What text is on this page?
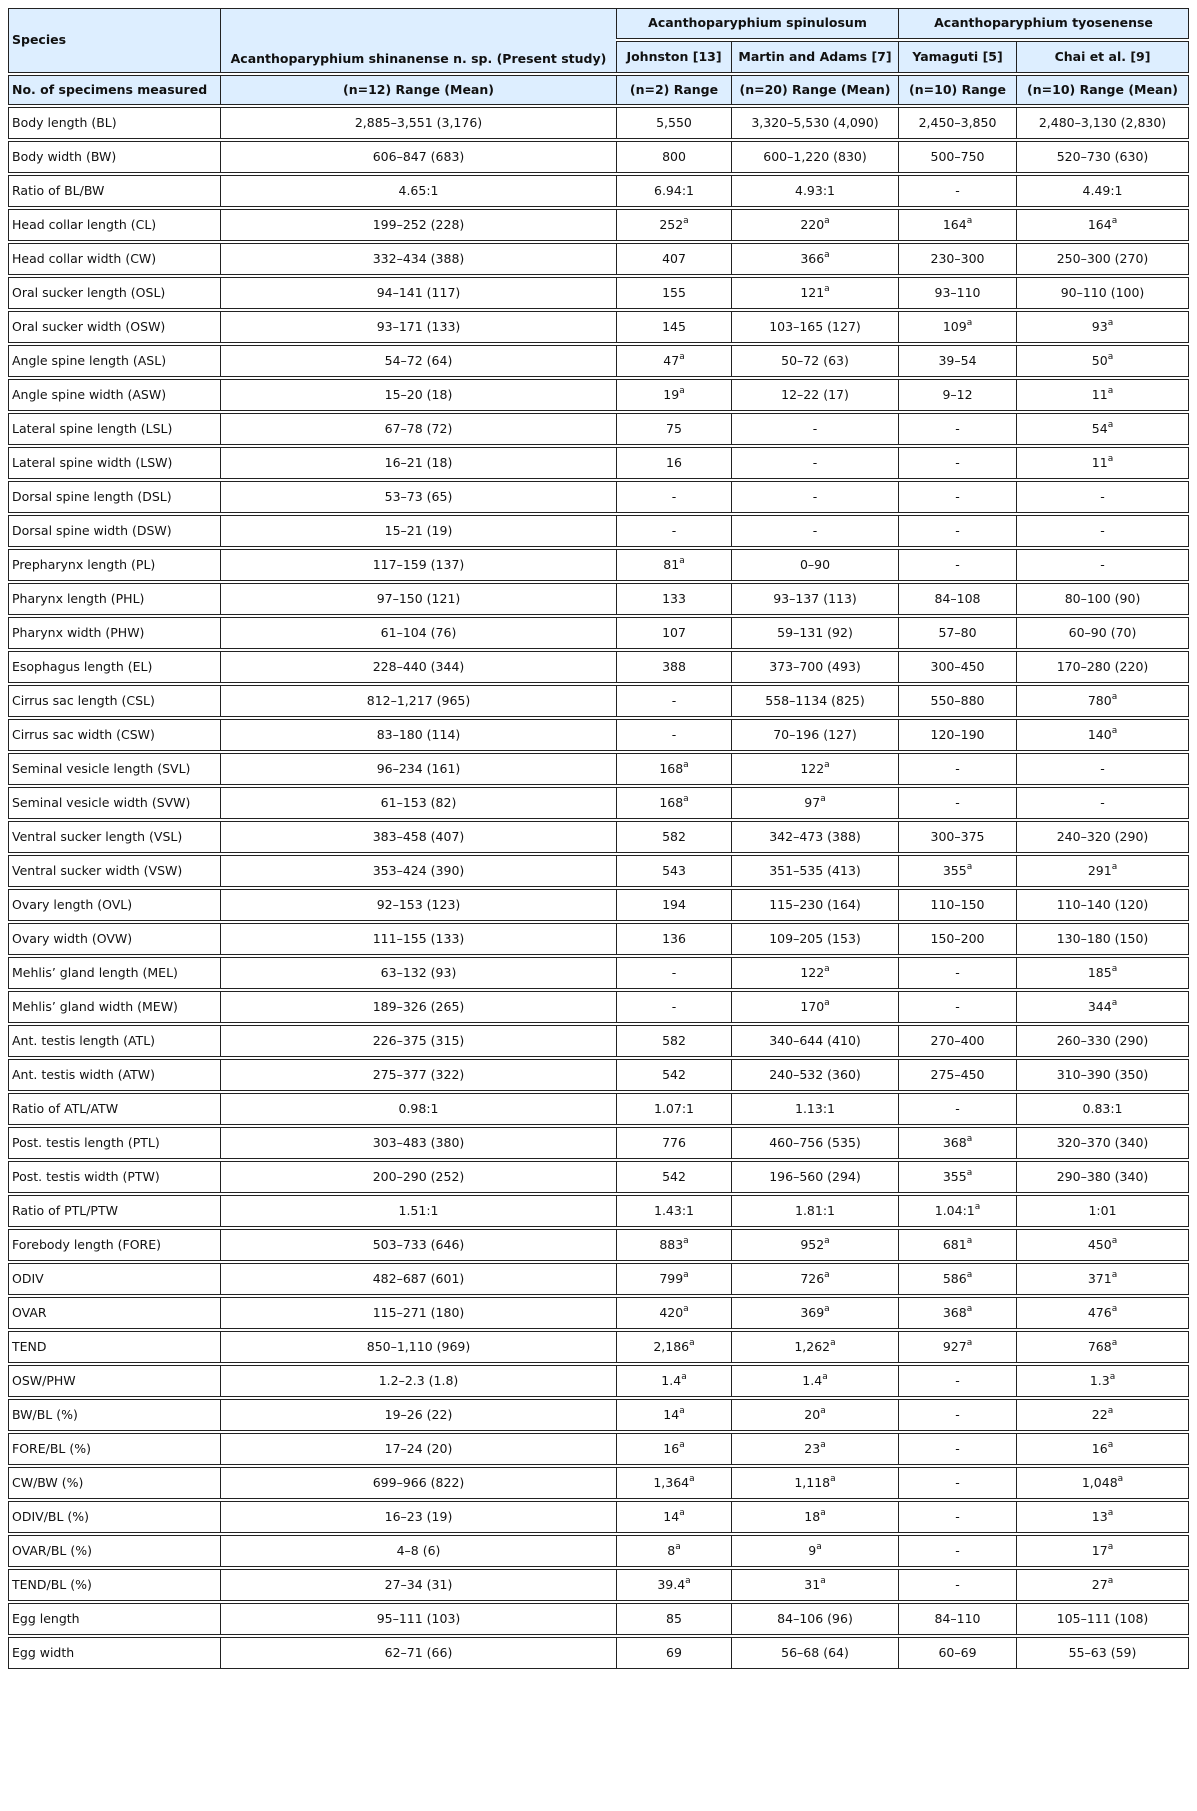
Species	Acanthoparyphium shinanense n. sp. (Present study)	Acanthoparyphium spinulosum		Acanthoparyphium tyosenense	
		Johnston [13]	Martin and Adams [7]	Yamaguti [5]	Chai et al. [9]
No. of specimens measured	(n=12) Range (Mean)	(n=2) Range	(n=20) Range (Mean)	(n=10) Range	(n=10) Range (Mean)
Body length (BL)	2,885–3,551 (3,176)	5,550	3,320–5,530 (4,090)	2,450–3,850	2,480–3,130 (2,830)
Body width (BW)	606–847 (683)	800	600–1,220 (830)	500–750	520–730 (630)
Ratio of BL/BW	4.65:1	6.94:1	4.93:1	-	4.49:1
Head collar length (CL)	199–252 (228)	252$^a$	220$^a$	164$^a$	164$^a$
Head collar width (CW)	332–434 (388)	407	366$^a$	230–300	250–300 (270)
Oral sucker length (OSL)	94–141 (117)	155	121$^a$	93–110	90–110 (100)
Oral sucker width (OSW)	93–171 (133)	145	103–165 (127)	109$^a$	93$^a$
Angle spine length (ASL)	54–72 (64)	47$^a$	50–72 (63)	39–54	50$^a$
Angle spine width (ASW)	15–20 (18)	19$^a$	12–22 (17)	9–12	11$^a$
Lateral spine length (LSL)	67–78 (72)	75	-	-	54$^a$
Lateral spine width (LSW)	16–21 (18)	16	-	-	11$^a$
Dorsal spine length (DSL)	53–73 (65)	-	-	-	-
Dorsal spine width (DSW)	15–21 (19)	-	-	-	-
Prepharynx length (PL)	117–159 (137)	81$^a$	0–90	-	-
Pharynx length (PHL)	97–150 (121)	133	93–137 (113)	84–108	80–100 (90)
Pharynx width (PHW)	61–104 (76)	107	59–131 (92)	57–80	60–90 (70)
Esophagus length (EL)	228–440 (344)	388	373–700 (493)	300–450	170–280 (220)
Cirrus sac length (CSL)	812–1,217 (965)	-	558–1134 (825)	550–880	780$^a$
Cirrus sac width (CSW)	83–180 (114)	-	70–196 (127)	120–190	140$^a$
Seminal vesicle length (SVL)	96–234 (161)	168$^a$	122$^a$	-	-
Seminal vesicle width (SVW)	61–153 (82)	168$^a$	97$^a$	-	-
Ventral sucker length (VSL)	383–458 (407)	582	342–473 (388)	300–375	240–320 (290)
Ventral sucker width (VSW)	353–424 (390)	543	351–535 (413)	355$^a$	291$^a$
Ovary length (OVL)	92–153 (123)	194	115–230 (164)	110–150	110–140 (120)
Ovary width (OVW)	111–155 (133)	136	109–205 (153)	150–200	130–180 (150)
Mehlis’ gland length (MEL)	63–132 (93)	-	122$^a$	-	185$^a$
Mehlis’ gland width (MEW)	189–326 (265)	-	170$^a$	-	344$^a$
Ant. testis length (ATL)	226–375 (315)	582	340–644 (410)	270–400	260–330 (290)
Ant. testis width (ATW)	275–377 (322)	542	240–532 (360)	275–450	310–390 (350)
Ratio of ATL/ATW	0.98:1	1.07:1	1.13:1	-	0.83:1
Post. testis length (PTL)	303–483 (380)	776	460–756 (535)	368$^a$	320–370 (340)
Post. testis width (PTW)	200–290 (252)	542	196–560 (294)	355$^a$	290–380 (340)
Ratio of PTL/PTW	1.51:1	1.43:1	1.81:1	1.04:1$^a$	1:01
Forebody length (FORE)	503–733 (646)	883$^a$	952$^a$	681$^a$	450$^a$
ODIV	482–687 (601)	799$^a$	726$^a$	586$^a$	371$^a$
OVAR	115–271 (180)	420$^a$	369$^a$	368$^a$	476$^a$
TEND	850–1,110 (969)	2,186$^a$	1,262$^a$	927$^a$	768$^a$
OSW/PHW	1.2–2.3 (1.8)	1.4$^a$	1.4$^a$	-	1.3$^a$
BW/BL (%)	19–26 (22)	14$^a$	20$^a$	-	22$^a$
FORE/BL (%)	17–24 (20)	16$^a$	23$^a$	-	16$^a$
CW/BW (%)	699–966 (822)	1,364$^a$	1,118$^a$	-	1,048$^a$
ODIV/BL (%)	16–23 (19)	14$^a$	18$^a$	-	13$^a$
OVAR/BL (%)	4–8 (6)	8$^a$	9$^a$	-	17$^a$
TEND/BL (%)	27–34 (31)	39.4$^a$	31$^a$	-	27$^a$
Egg length	95–111 (103)	85	84–106 (96)	84–110	105–111 (108)
Egg width	62–71 (66)	69	56–68 (64)	60–69	55–63 (59)
